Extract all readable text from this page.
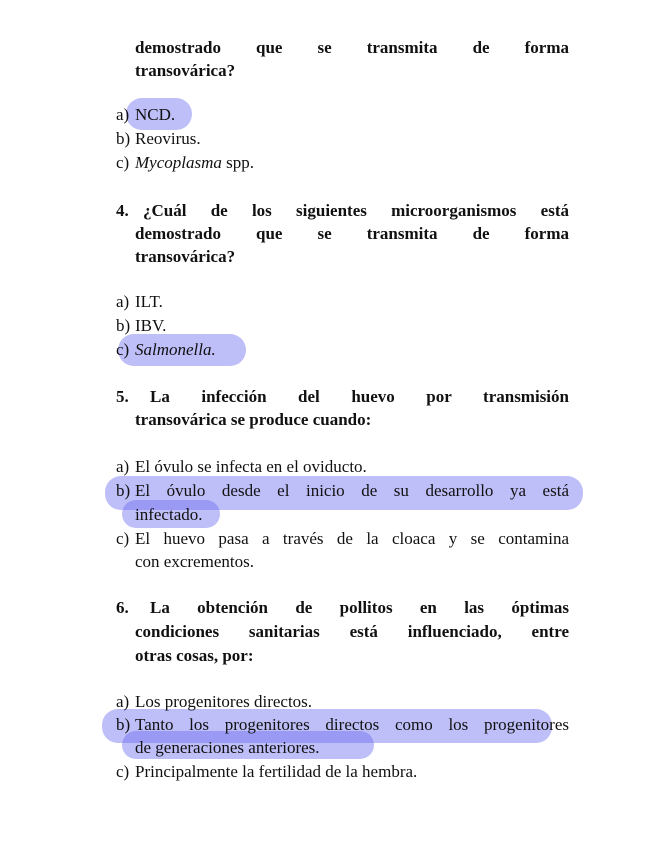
demostrado que se transmita de forma
transovárica?
a) NCD.
b) Reovirus.
c) Mycoplasma spp.
4. ¿Cuál de los siguientes microorganismos está
demostrado que se transmita de forma
transovárica?
a) ILT.
b) IBV.
c) Salmonella.
5. La infección del huevo por transmisión
transovárica se produce cuando:
a) El óvulo se infecta en el oviducto.
b) El óvulo desde el inicio de su desarrollo ya está
infectado.
c) El huevo pasa a través de la cloaca y se contamina
con excrementos.
6. La obtención de pollitos en las óptimas
condiciones sanitarias está influenciado, entre
otras cosas, por:
a) Los progenitores directos.
b) Tanto los progenitores directos como los progenitores
de generaciones anteriores.
c) Principalmente la fertilidad de la hembra.
